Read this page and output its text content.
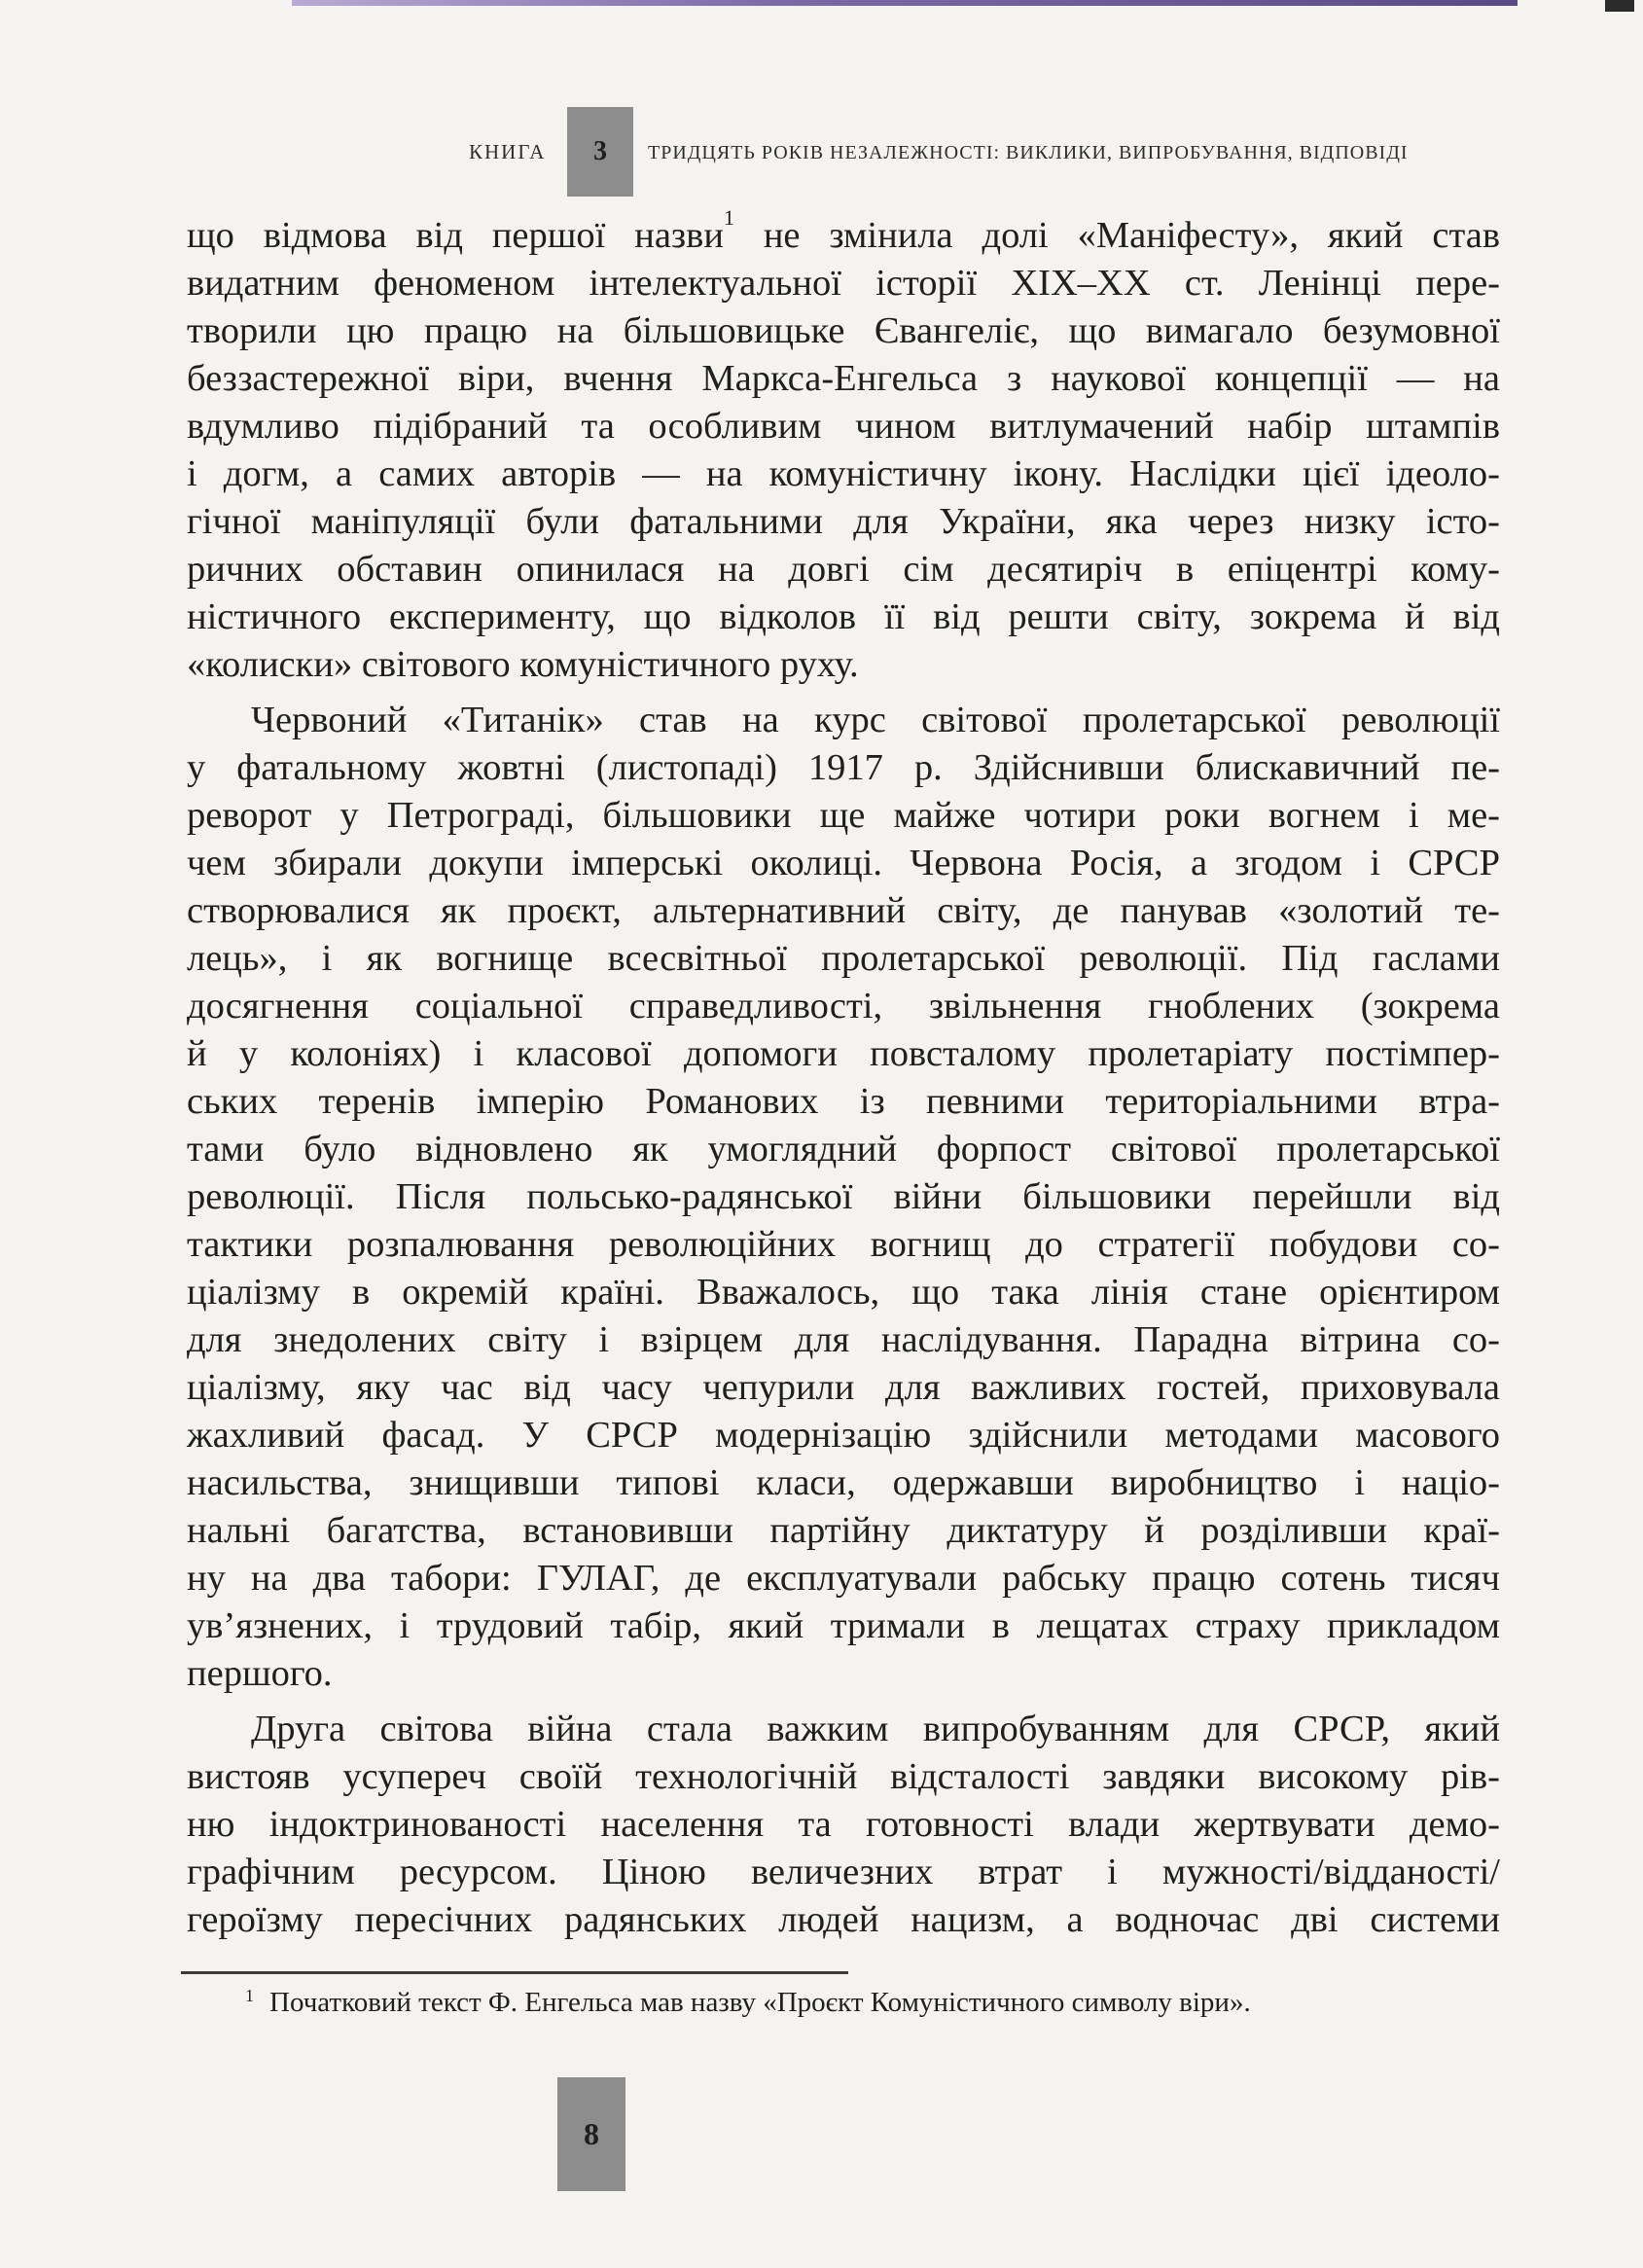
КНИГА 3 ТРИДЦЯТЬ РОКІВ НЕЗАЛЕЖНОСТІ: ВИКЛИКИ, ВИПРОБУВАННЯ, ВІДПОВІДІ
що відмова від першої назви$^1$ не змінила долі «Маніфесту», який став
видатним феноменом інтелектуальної історії XIX–XX ст. Ленінці пере-
творили цю працю на більшовицьке Євангеліє, що вимагало безумовної
беззастережної віри, вчення Маркса-Енгельса з наукової концепції — на
вдумливо підібраний та особливим чином витлумачений набір штампів
і догм, а самих авторів — на комуністичну ікону. Наслідки цієї ідеоло-
гічної маніпуляції були фатальними для України, яка через низку істо-
ричних обставин опинилася на довгі сім десятиріч в епіцентрі кому-
ністичного експерименту, що відколов її від решти світу, зокрема й від
«колиски» світового комуністичного руху.
Червоний «Титанік» став на курс світової пролетарської революції
у фатальному жовтні (листопаді) 1917 р. Здійснивши блискавичний пе-
реворот у Петрограді, більшовики ще майже чотири роки вогнем і ме-
чем збирали докупи імперські околиці. Червона Росія, а згодом і СРСР
створювалися як проєкт, альтернативний світу, де панував «золотий те-
лець», і як вогнище всесвітньої пролетарської революції. Під гаслами
досягнення соціальної справедливості, звільнення гноблених (зокрема
й у колоніях) і класової допомоги повсталому пролетаріату постімпер-
ських теренів імперію Романових із певними територіальними втра-
тами було відновлено як умоглядний форпост світової пролетарської
революції. Після польсько-радянської війни більшовики перейшли від
тактики розпалювання революційних вогнищ до стратегії побудови со-
ціалізму в окремій країні. Вважалось, що така лінія стане орієнтиром
для знедолених світу і взірцем для наслідування. Парадна вітрина со-
ціалізму, яку час від часу чепурили для важливих гостей, приховувала
жахливий фасад. У СРСР модернізацію здійснили методами масового
насильства, знищивши типові класи, одержавши виробництво і націо-
нальні багатства, встановивши партійну диктатуру й розділивши краї-
ну на два табори: ГУЛАГ, де експлуатували рабську працю сотень тисяч
ув’язнених, і трудовий табір, який тримали в лещатах страху прикладом
першого.
Друга світова війна стала важким випробуванням для СРСР, який
вистояв усупереч своїй технологічній відсталості завдяки високому рів-
ню індоктринованості населення та готовності влади жертвувати демо-
графічним ресурсом. Ціною величезних втрат і мужності/відданості/
героїзму пересічних радянських людей нацизм, а водночас дві системи
$^1$ Початковий текст Ф. Енгельса мав назву «Проєкт Комуністичного символу віри».
8
